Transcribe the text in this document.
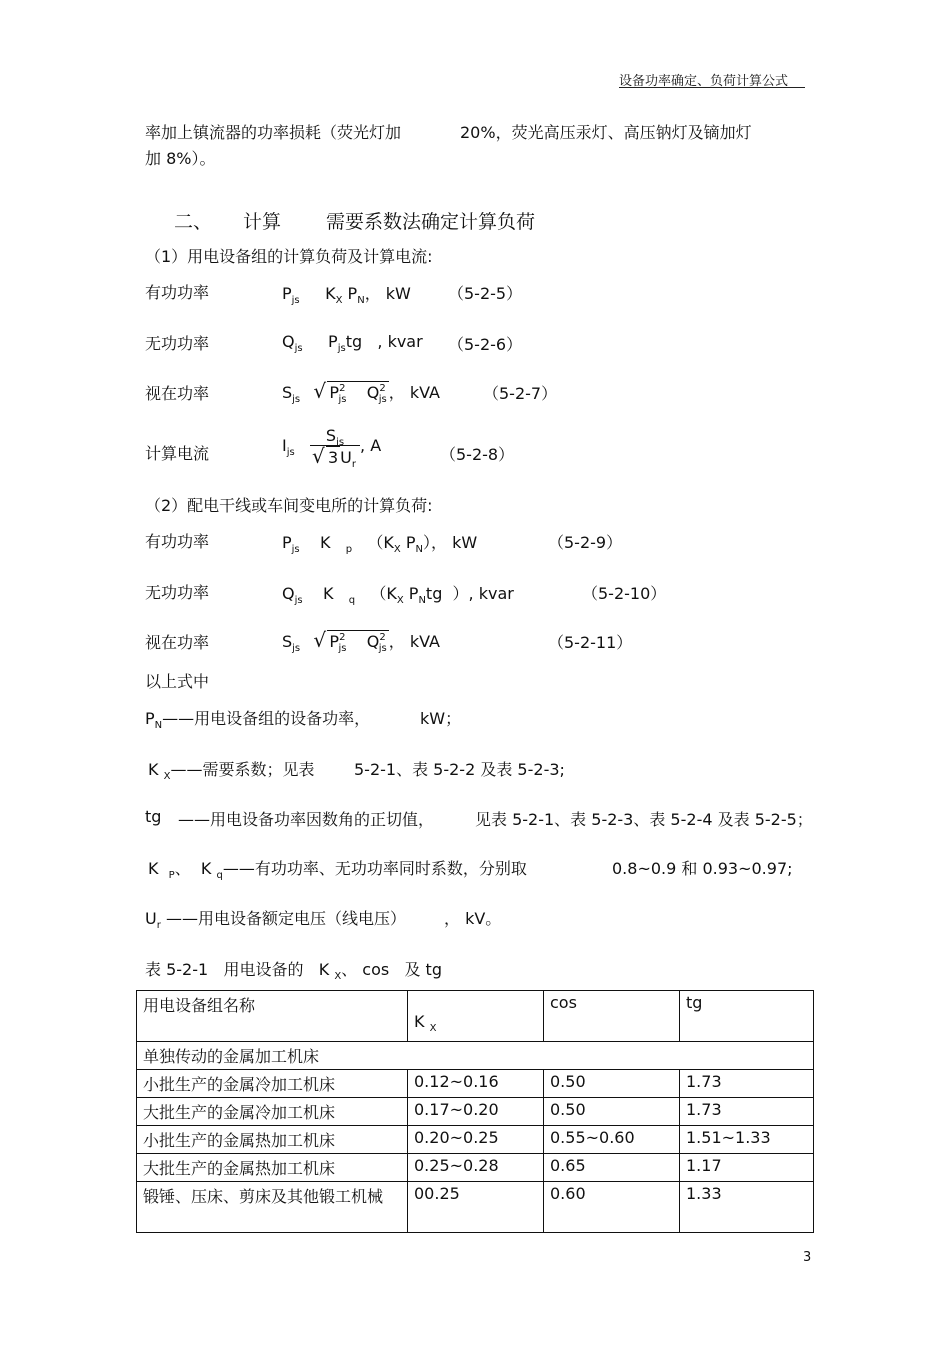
设备功率确定、负荷计算公式
率加上镇流器的功率损耗（荧光灯加	20%，荧光高压汞灯、高压钠灯及镝加灯
加 8%）。
二、 计算 需要系数法确定计算负荷
（1）用电设备组的计算负荷及计算电流:
有功功率	$P_{js}$ $K_X$ $P_N$， kW （5-2-5）
无功功率	$Q_{js}$ $P_{js}tg$ , kvar （5-2-6）
视在功率	$S_{js}$ √ $P^2_{js}$ $Q^2_{js}$ ， kVA	（5-2-7）
计算电流	$I_{js}$ $S_{js}$
√ 3 $U_r$ , A	（5-2-8）
（2）配电干线或车间变电所的计算负荷:
有功功率	$P_{js}$ K $_p$ （$K_X$ $P_N$）， kW	（5-2-9）
无功功率	$Q_{js}$ K $_q$ （$K_X$ $P_Ntg$ ）, kvar	（5-2-10）
视在功率	$S_{js}$ √ $P^2_{js}$ $Q^2_{js}$ ， kVA	（5-2-11）
以上式中
$P_N——$用电设备组的设备功率，	kW；
K $_X$——需要系数；见表 5-2-1、表 5-2-2 及表 5-2-3;
tg ——用电设备功率因数角的正切值，	见表 5-2-1、表 5-2-3、表 5-2-4 及表 5-2-5；
K $_P$、 K $_q$——有功功率、无功功率同时系数，分别取	0.8~0.9 和 0.93~0.97;
$U_r$ ——用电设备额定电压（线电压） ， kV。
表 5-2-1 用电设备的 K $_X$、 cos 及 tg
用电设备组名称	K $_X$	cos	tg
单独传动的金属加工机床			
小批生产的金属冷加工机床	0.12~0.16	0.50	1.73
大批生产的金属冷加工机床	0.17~0.20	0.50	1.73
小批生产的金属热加工机床	0.20~0.25	0.55~0.60	1.51~1.33
大批生产的金属热加工机床	0.25~0.28	0.65	1.17
锻锤、压床、剪床及其他锻工机械	00.25	0.60	1.33
3
